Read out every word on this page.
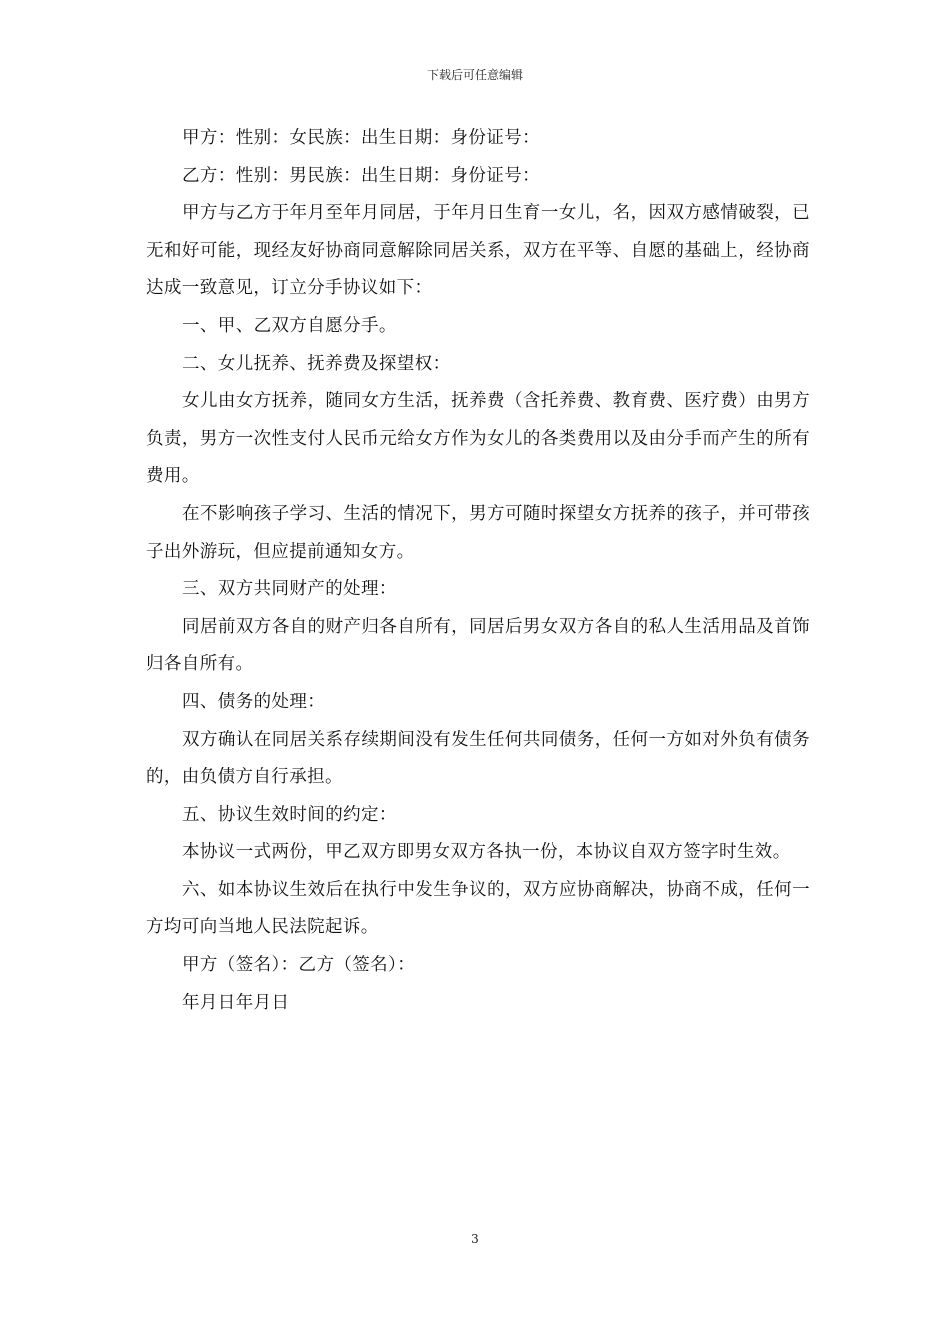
下载后可任意编辑

甲方：性别：女民族：出生日期：身份证号：

乙方：性别：男民族：出生日期：身份证号：

甲方与乙方于年月至年月同居，于年月日生育一女儿，名，因双方感情破裂，已无和好可能，现经友好协商同意解除同居关系，双方在平等、自愿的基础上，经协商达成一致意见，订立分手协议如下：

一、甲、乙双方自愿分手。

二、女儿抚养、抚养费及探望权：

女儿由女方抚养，随同女方生活，抚养费（含托养费、教育费、医疗费）由男方负责，男方一次性支付人民币元给女方作为女儿的各类费用以及由分手而产生的所有费用。

在不影响孩子学习、生活的情况下，男方可随时探望女方抚养的孩子，并可带孩子出外游玩，但应提前通知女方。

三、双方共同财产的处理：

同居前双方各自的财产归各自所有，同居后男女双方各自的私人生活用品及首饰归各自所有。

四、债务的处理：

双方确认在同居关系存续期间没有发生任何共同债务，任何一方如对外负有债务的，由负债方自行承担。

五、协议生效时间的约定：

本协议一式两份，甲乙双方即男女双方各执一份，本协议自双方签字时生效。

六、如本协议生效后在执行中发生争议的，双方应协商解决，协商不成，任何一方均可向当地人民法院起诉。

甲方（签名）：乙方（签名）：

年月日年月日

3
